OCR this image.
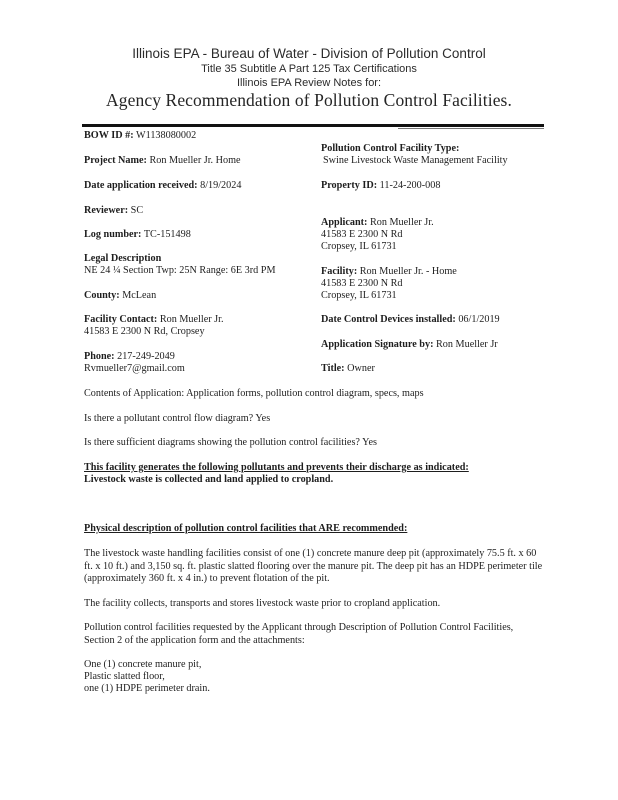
Illinois EPA - Bureau of Water - Division of Pollution Control
Title 35 Subtitle A Part 125 Tax Certifications
Illinois EPA Review Notes for:
Agency Recommendation of Pollution Control Facilities.
BOW ID #: W1138080002
Project Name: Ron Mueller Jr. Home
Date application received: 8/19/2024
Reviewer: SC
Log number: TC-151498
Legal Description
NE 24 ¼ Section Twp: 25N Range: 6E 3rd PM
County: McLean
Facility Contact: Ron Mueller Jr.
41583 E 2300 N Rd, Cropsey
Phone: 217-249-2049
Rvmueller7@gmail.com
Pollution Control Facility Type:
Swine Livestock Waste Management Facility
Property ID: 11-24-200-008
Applicant: Ron Mueller Jr.
41583 E 2300 N Rd
Cropsey, IL 61731
Facility: Ron Mueller Jr. - Home
41583 E 2300 N Rd
Cropsey, IL 61731
Date Control Devices installed: 06/1/2019
Application Signature by: Ron Mueller Jr
Title: Owner
Contents of Application: Application forms, pollution control diagram, specs, maps
Is there a pollutant control flow diagram? Yes
Is there sufficient diagrams showing the pollution control facilities? Yes
This facility generates the following pollutants and prevents their discharge as indicated:
Livestock waste is collected and land applied to cropland.
Physical description of pollution control facilities that ARE recommended:
The livestock waste handling facilities consist of one (1) concrete manure deep pit (approximately 75.5 ft. x 60 ft. x 10 ft.) and 3,150 sq. ft. plastic slatted flooring over the manure pit. The deep pit has an HDPE perimeter tile (approximately 360 ft. x 4 in.) to prevent flotation of the pit.
The facility collects, transports and stores livestock waste prior to cropland application.
Pollution control facilities requested by the Applicant through Description of Pollution Control Facilities, Section 2 of the application form and the attachments:
One (1) concrete manure pit,
Plastic slatted floor,
one (1) HDPE perimeter drain.
